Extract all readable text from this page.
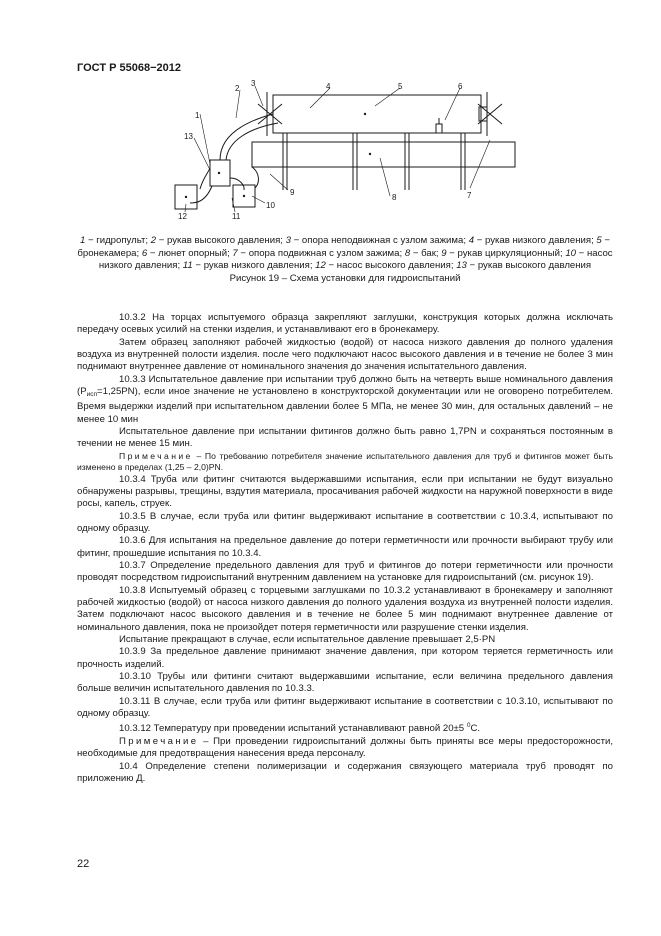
ГОСТ Р 55068−2012
1
2
3	4	5	6
7
8
9
10
11
12
13
1 − гидропульт; 2 − рукав высокого давления; 3 − опора неподвижная с узлом зажима; 4 − рукав низкого давления; 5 − бронекамера; 6 − люнет опорный; 7 − опора подвижная с узлом зажима; 8 − бак; 9 − рукав циркуляционный; 10 − насос низкого давления; 11 − рукав низкого давления; 12 − насос высокого давления; 13 − рукав высокого давления
Рисунок 19 – Схема установки для гидроиспытаний

10.3.2 На торцах испытуемого образца закрепляют заглушки, конструкция которых должна исключать передачу осевых усилий на стенки изделия, и устанавливают его в бронекамеру.

Затем образец заполняют рабочей жидкостью (водой) от насоса низкого давления до полного удаления воздуха из внутренней полости изделия. после чего подключают насос высокого давления и в течение не более 3 мин поднимают внутреннее давление от номинального значения до значения испытательного давления.

10.3.3 Испытательное давление при испытании труб должно быть на четверть выше номинального давления $(P_{исп}=1,25PN)$, если иное значение не установлено в конструкторской документации или не оговорено потребителем. Время выдержки изделий при испытательном давлении более 5 МПа, не менее 30 мин, для остальных давлений – не менее 10 мин

Испытательное давление при испытании фитингов должно быть равно 1,7PN и сохраняться постоянным в течении не менее 15 мин.

Примечание – По требованию потребителя значение испытательного давления для труб и фитингов может быть изменено в пределах (1,25 – 2,0)PN.

10.3.4 Труба или фитинг считаются выдержавшими испытания, если при испытании не будут визуально обнаружены разрывы, трещины, вздутия материала, просачивания рабочей жидкости на наружной поверхности в виде росы, капель, струек.

10.3.5 В случае, если труба или фитинг выдерживают испытание в соответствии с 10.3.4, испытывают по одному образцу.

10.3.6 Для испытания на предельное давление до потери герметичности или прочности выбирают трубу или фитинг, прошедшие испытания по 10.3.4.

10.3.7 Определение предельного давления для труб и фитингов до потери герметичности или прочности проводят посредством гидроиспытаний внутренним давлением на установке для гидроиспытаний (см. рисунок 19).

10.3.8 Испытуемый образец с торцевыми заглушками по 10.3.2 устанавливают в бронекамеру и заполняют рабочей жидкостью (водой) от насоса низкого давления до полного удаления воздуха из внутренней полости изделия. Затем подключают насос высокого давления и в течение не более 5 мин поднимают внутреннее давление от номинального давления, пока не произойдет потеря герметичности или разрушение стенки изделия.

Испытание прекращают в случае, если испытательное давление превышает 2,5·PN

10.3.9 За предельное давление принимают значение давления, при котором теряется герметичность или прочность изделий.

10.3.10 Трубы или фитинги считают выдержавшими испытание, если величина предельного давления больше величин испытательного давления по 10.3.3.

10.3.11 В случае, если труба или фитинг выдерживают испытание в соответствии с 10.3.10, испытывают по одному образцу.

10.3.12 Температуру при проведении испытаний устанавливают равной 20±5 $^0$С.

Примечание – При проведении гидроиспытаний должны быть приняты все меры предосторожности, необходимые для предотвращения нанесения вреда персоналу.

10.4 Определение степени полимеризации и содержания связующего материала труб проводят по приложению Д.

22
